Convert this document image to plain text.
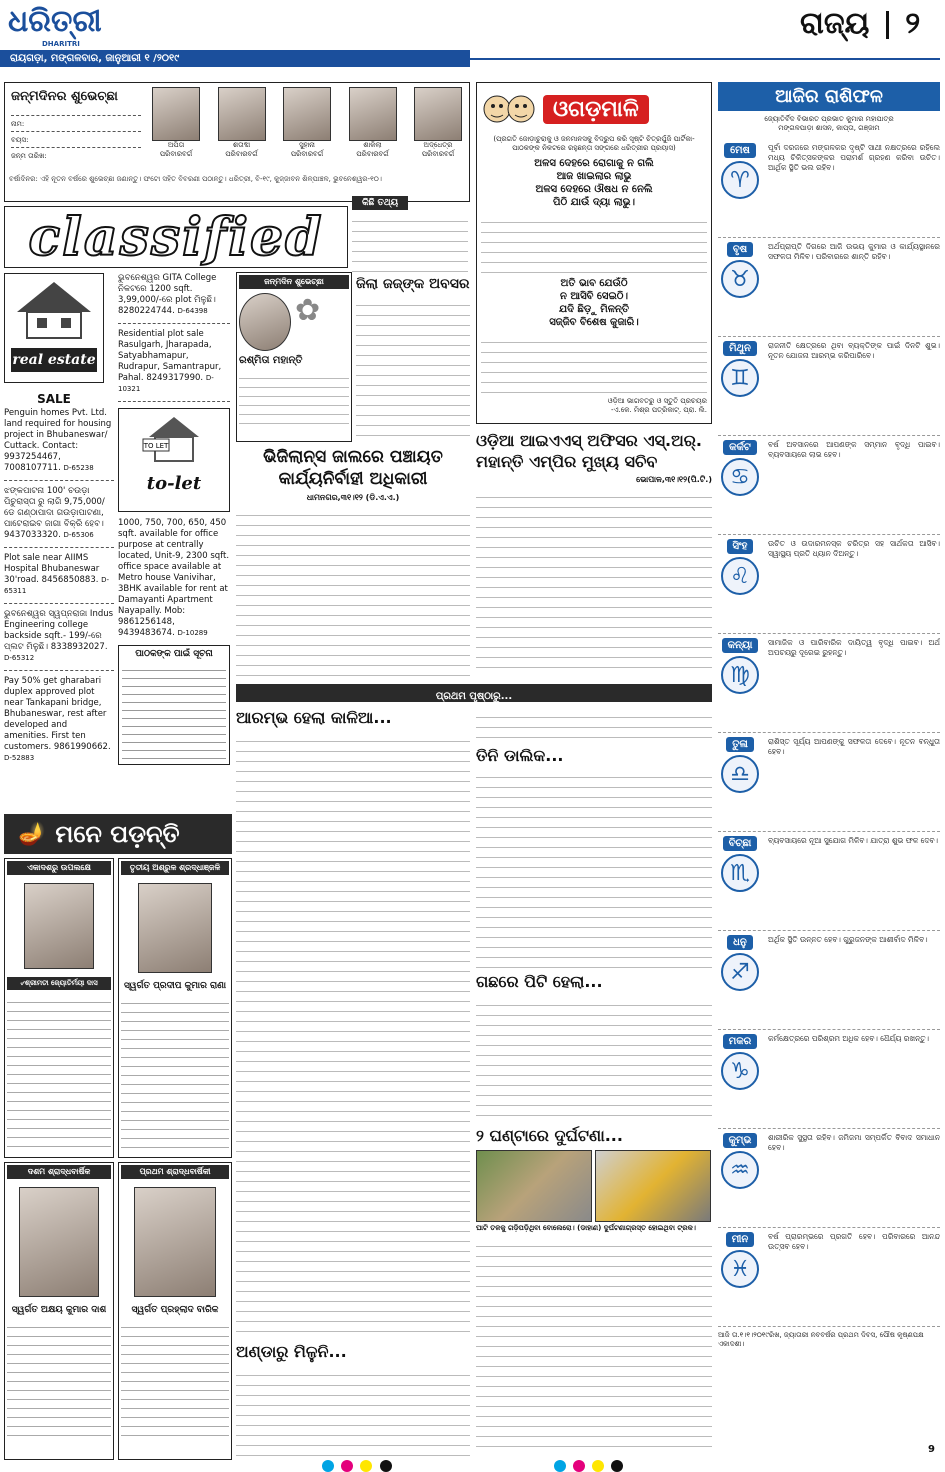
ଧରିତ୍ରୀ
DHARITRI
ରାୟଗଡ଼ା, ମଙ୍ଗଳବାର, ଜାନୁଆରୀ ୧ /୨୦୧୯
ରାଜ୍ୟ ୨
ଜନ୍ମଦିନର ଶୁଭେଚ୍ଛା
ନାମ:
ବୟସ:
ଜନ୍ମ ତାରିଖ:
ଅପିତା
ପରିବାରବର୍ଗ
ଶତାବ୍ଦୀ
ପରିବାରବର୍ଗ
ସୁହାନା
ପରିବାରବର୍ଗ
ଶାକିଲା
ପରିବାରବର୍ଗ
ଅଦ୍ଧେତ୍ର
ପରିବାରବର୍ଗ
ବର୍ଷାଦିନର: ଏହି ନୂତନ ବର୍ଷରେ ଶୁଭେଚ୍ଛା ଜଣାନ୍ତୁ। ଫଟୋ ସହିତ ବିବରଣୀ ପଠାନ୍ତୁ। ଧରିତ୍ରୀ, ବି-୧୯, କୁଜ୍ଜାବନ ଶିଳ୍ପାଞ୍ଚଳ, ଭୁବନେଶ୍ୱର-୧୦।
classified
real estate
SALE
Penguin homes Pvt. Ltd. land required for housing project in Bhubaneswar/ Cuttack. Contact: 9937254467, 7008107711. D-65238
ଝଙ୍କପାଟନା 100' ଚଉଡ଼ା ପିଚୁରାସ୍ତା ରୁ ଲାଗି 9,75,000/ଡେ ଗଣ୍ଠାପାଦା ଗଉଡ଼ାପାଟଣା, ପାଟେରାଇବ ଜାଗା ବିକ୍ରି ହେବ। 9437033320. D-65306
Plot sale near AIIMS Hospital Bhubaneswar 30'road. 8456850883. D-65311
ଭୁବନେଶ୍ୱର ସ୍ୱପ୍ନରାଜା Indus Engineering college backside sqft.- 199/-ରେ ପ୍ଲଟ ମିଳୁଛି। 8338932027. D-65312
Pay 50% get gharabari duplex approved plot near Tankapani bridge, Bhubaneswar, rest after developed and amenities. First ten customers. 9861990662. D-52883
ଭୁବନେଶ୍ୱର GITA College ନିକଟରେ 1200 sqft. 3,99,000/-ରେ plot ମିଳୁଛି। 8280224744. D-64398
Residential plot sale Rasulgarh, Jharapada, Satyabhamapur, Rudrapur, Samantrapur, Pahal. 8249317990. D-10321
TO LET
to-let
1000, 750, 700, 650, 450 sqft. available for office purpose at centrally located, Unit-9, 2300 sqft. office space available at Metro house Vanivihar, 3BHK available for rent at Damayanti Apartment Nayapally. Mob: 9861256148, 9439483674. D-10289
ପାଠକଙ୍କ ପାଇଁ ସୂଚନା
🪔 ମନେ ପଡ଼ନ୍ତି
ଏକାଦଶରୁ ଉପଲକ୍ଷେ
୰ଶ୍ରୀମତୀ ଜ୍ୟୋତିର୍ମୟୀ ଦାସ
ତୃତୀୟ ଅଶ୍ରୁଳ ଶ୍ରଦ୍ଧାଞ୍ଜଳି
ସ୍ୱର୍ଗତ ପ୍ରଦୀପ କୁମାର ରାଣା
ଦଶମ ଶ୍ରାଦ୍ଧବାର୍ଷିକ
ସ୍ୱର୍ଗତ ଅକ୍ଷୟ କୁମାର ଦାଶ
ପ୍ରଥମ ଶ୍ରାଦ୍ଧବାର୍ଷିକୀ
ସ୍ୱର୍ଗତ ପ୍ରହ୍ଲାଦ ବାରିକ
କିଛି ତଥ୍ୟ
ଜନ୍ମଦିନ ଶୁଭେଚ୍ଛା
✿
ରଶ୍ମିତା ମହାନ୍ତି
ଜିଲା ଜଜ୍ଙ୍କ ଅବସର
ଭିଜିଲାନ୍ସ ଜାଲରେ ପଞ୍ଚାୟତ କାର୍ଯ୍ୟନିର୍ବାହୀ ଅଧିକାରୀ
ଧାମନଗର,୩୧।୧୨ (ଡି.ଏ.ଏ.)
ଓଗଡ଼ମାଳି
(ପ୍ରଗତି ଜୋଡ଼ାଚୁରାକୁ ଓ ଜନମାନସକୁ ବିଦ୍ରୁପ କରି ସୃଷ୍ଟି ଚିତ୍ରପୁଁଜି ପାର୍ଟିକା-ପାଠକଙ୍କ ନିକଟରେ ରହୁଛନ୍ତା ସଙ୍ଗରେ ଧରିତ୍ରୀର ପ୍ରୟାସ)
ଅଳସ ଦେହରେ ରୋଗାକୁ ନ ଗଲି
ଆଜ ଖାଇଲାର ଲାଭୁ
ଅଳସ ଦେହରେ ଔଷଧ ନ ନେଲି
ପିଠି ଯାଉଁ ଦ୍ୟା ଲାଭୁ।
ଅତି ଭାବ ଯେଉଁଠି
ନ ଆସିବି ସେଇଠି।
ଯଦି ଛିଡ଼ୁ ମିଳନ୍ତି
ସଜ୍ଜିବ ବିଶେଷ କୁଜାରି।
ଓଡ଼ିଆ ଭାଗବତରୁ ଓ ସ୍ତୁତି ପ୍ରଚୟର
-ଏ.କେ. ମିଶ୍ର ପତ୍ରିକାଟ୍‌. ପ୍ରା. ଲି.
ଓଡ଼ିଆ ଆଇଏଏସ୍ ଅଫିସର ଏସ୍.ଅର୍. ମହାନ୍ତି ଏମ୍ପିର ମୁଖ୍ୟ ସଚିବ
ଭୋପାଳ,୩୧।୧୨(ପି.ଟି.)
ପ୍ରଥମ ପୃଷ୍ଠାରୁ...
ଆରମ୍ଭ ହେଲା କାଳିଆ...
ଅଣ୍ଡାରୁ ମିଳୁନି...
ତିନି ଡାଲିକ...
ଗଛରେ ପିଟି ହେଲା...
୨ ଘଣ୍ଟାରେ ଦୁର୍ଘଟଣା...
ଘାଟି ତଳକୁ ଗଡ଼ିପଡ଼ିଥିବା ବୋଲେରୋ। (ଡାହାଣ) ଦୁର୍ଘଟଣାଗ୍ରସ୍ତ ହୋଇଥିବା ଟ୍ରକ।
ଆଜିର ରାଶିଫଳ
ଜ୍ୟୋତିର୍ବିଦ ବିଭାରତ ପ୍ରଭାତ କୁମାର ମହାପାତ୍ର
ମଙ୍ଗଳପାଡ଼ା ଶାସନ, କାପ୍ତା, ଗଞ୍ଜାମ
ମେଷ
♈
ପୂର୍ବା ଦରଜରେ ମଙ୍ଗଳକର ଦୃଷ୍ଟି ସାଥୀ ନକ୍ଷତ୍ରରେ ରହିଲେ ମଧ୍ୟ ଚିକିତ୍ସକଙ୍କର ପରାମର୍ଶ ଗ୍ରହଣ କରିବା ଉଚିତ। ଆର୍ଥିକ ସ୍ଥିତି ଭଲ ରହିବ।
ବୃଷ
♉
ଅର୍ଥପ୍ରାପ୍ତି ଦିଗରେ ଆଜି ଉଭୟ କୁମାର ଓ କାର୍ଯ୍ୟସ୍ଥାନରେ ସଫଳତା ମିଳିବ। ପରିବାରରେ ଶାନ୍ତି ରହିବ।
ମିଥୁନ
♊
ରାଜନୀତି କ୍ଷେତ୍ରରେ ଥିବା ବ୍ୟକ୍ତିଙ୍କ ପାଇଁ ଦିନଟି ଶୁଭ। ନୂତନ ଯୋଜନା ଆରମ୍ଭ କରିପାରିବେ।
କର୍କଟ
♋
ବର୍ଷ ଅବସାନରେ ଆପଣଙ୍କ ସମ୍ମାନ ବୃଦ୍ଧି ପାଇବ। ବ୍ୟବସାୟରେ ଲାଭ ହେବ।
ସିଂହ
♌
ଉଚିତ ଓ ଉଦାରମନସ୍କ ଚରିତ୍ର ସହ ସାର୍ଥକତା ଆସିବ। ସ୍ୱାସ୍ଥ୍ୟ ପ୍ରତି ଧ୍ୟାନ ଦିଅନ୍ତୁ।
କନ୍ୟା
♍
ସାମାଜିକ ଓ ପାରିବାରିକ ଦାୟିତ୍ୱ ବୃଦ୍ଧି ପାଇବ। ଅର୍ଥ ଅପଚୟରୁ ଦୂରେଇ ରୁହନ୍ତୁ।
ତୁଳା
♎
ରାଶିସ୍ତ ସୂର୍ଯ୍ୟ ଆପଣଙ୍କୁ ସଫଳତା ଦେବେ। ନୂତନ ବନ୍ଧୁତା ହେବ।
ବିଚ୍ଛା
♏
ବ୍ୟବସାୟରେ ନୂଆ ସୁଯୋଗ ମିଳିବ। ଯାତ୍ରା ଶୁଭ ଫଳ ଦେବ।
ଧନୁ
♐
ଅର୍ଥିକ ସ୍ଥିତି ଉନ୍ନତ ହେବ। ଗୁରୁଜନଙ୍କ ଆଶୀର୍ବାଦ ମିଳିବ।
ମକର
♑
କର୍ମକ୍ଷେତ୍ରରେ ପରିଶ୍ରମ ଅଧିକ ହେବ। ଧୈର୍ଯ୍ୟ ରଖନ୍ତୁ।
କୁମ୍ଭ
♒
ଶାରୀରିକ ସୁସ୍ଥତା ରହିବ। ଜମିଜମା ସମ୍ପର୍କିତ ବିବାଦ ସମାଧାନ ହେବ।
ମୀନ
♓
ବର୍ଷ ପ୍ରାରମ୍ଭରେ ପ୍ରଗତି ହେବ। ପରିବାରରେ ଆନନ୍ଦ ଉତ୍ସବ ହେବ।
ଆଜି ତା.୧।୧।୨୦୧୯ରିଖ, ଜ୍ୟାତାରୀ ନବବର୍ଷର ପ୍ରଥମ ଦିବସ, ପୌଷ କୃଷ୍ଣପକ୍ଷ ଏକାଦଶୀ।

9
